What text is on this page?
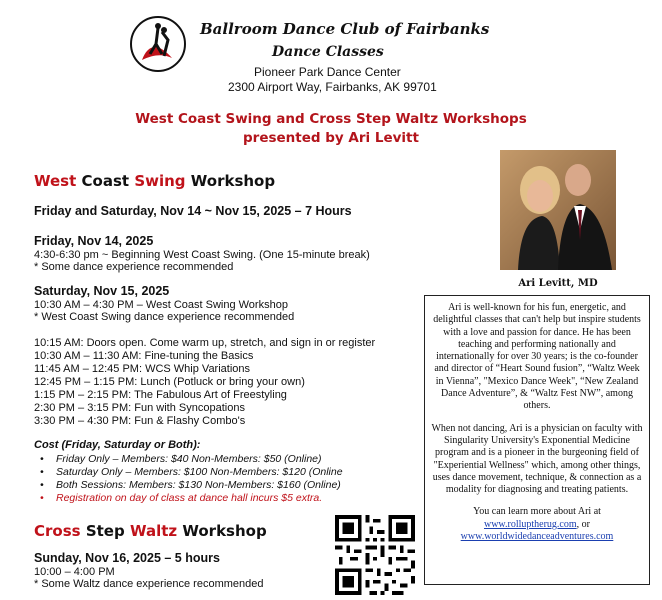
Ballroom Dance Club of Fairbanks
Dance Classes
Pioneer Park Dance Center
2300 Airport Way, Fairbanks, AK 99701
West Coast Swing and Cross Step Waltz Workshops
presented by Ari Levitt
West Coast Swing Workshop
Friday and Saturday, Nov 14 ~ Nov 15, 2025 – 7 Hours
Friday, Nov 14, 2025
4:30-6:30 pm ~ Beginning West Coast Swing. (One 15-minute break)
* Some dance experience recommended
Saturday, Nov 15, 2025
10:30 AM – 4:30 PM – West Coast Swing Workshop
* West Coast Swing dance experience recommended
10:15 AM: Doors open. Come warm up, stretch, and sign in or register
10:30 AM – 11:30 AM: Fine-tuning the Basics
11:45 AM – 12:45 PM: WCS Whip Variations
12:45 PM – 1:15 PM: Lunch (Potluck or bring your own)
1:15 PM – 2:15 PM: The Fabulous Art of Freestyling
2:30 PM – 3:15 PM: Fun with Syncopations
3:30 PM – 4:30 PM: Fun & Flashy Combo's
Cost (Friday, Saturday or Both):
• Friday Only – Members: $40 Non-Members: $50 (Online)
• Saturday Only – Members: $100 Non-Members: $120 (Online
• Both Sessions: Members: $130 Non-Members: $160 (Online)
• Registration on day of class at dance hall incurs $5 extra.
Cross Step Waltz Workshop
Sunday, Nov 16, 2025 – 5 hours
10:00 – 4:00 PM
* Some Waltz dance experience recommended
Ari Levitt, MD

Ari is well-known for his fun, energetic, and delightful classes that can't help but inspire students with a love and passion for dance. He has been teaching and performing nationally and internationally for over 30 years; is the co-founder and director of “Heart Sound fusion”, “Waltz Week in Vienna”, "Mexico Dance Week", “New Zealand Dance Adventure”, & “Waltz Fest NW”, among others.

When not dancing, Ari is a physician on faculty with Singularity University's Exponential Medicine program and is a pioneer in the burgeoning field of "Experiential Wellness" which, among other things, uses dance movement, technique, & connection as a modality for diagnosing and treating patients.

You can learn more about Ari at
www.rolluptherug.com, or
www.worldwidedanceadventures.com
